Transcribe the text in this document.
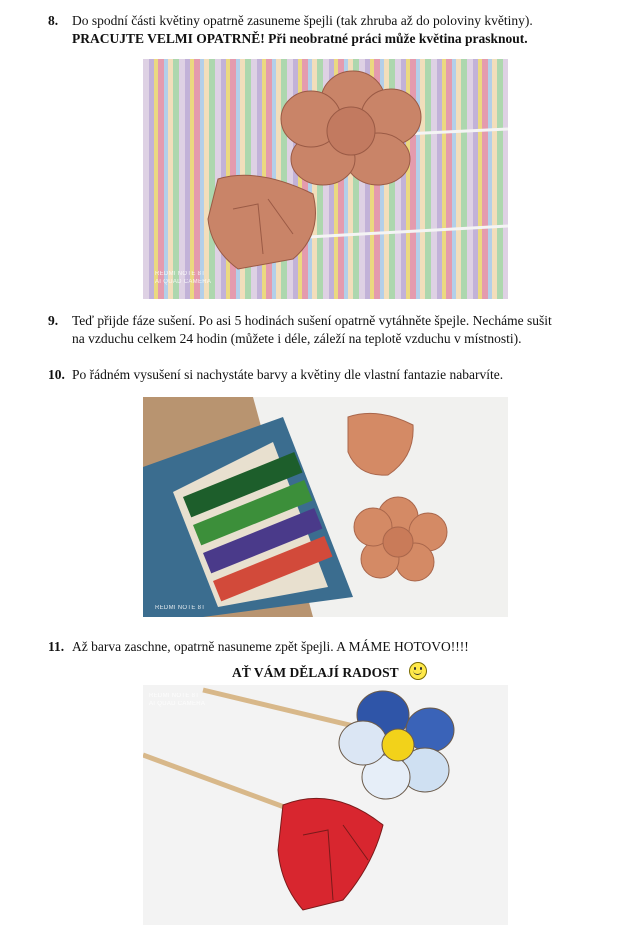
8. Do spodní části květiny opatrně zasuneme špejli (tak zhruba až do poloviny květiny).
PRACUJTE VELMI OPATRNĚ! Při neobratné práci může květina prasknout.
REDMI NOTE 8T
AI QUAD CAMERA
9. Teď přijde fáze sušení. Po asi 5 hodinách sušení opatrně vytáhněte špejle. Necháme sušit
na vzduchu celkem 24 hodin (můžete i déle, záleží na teplotě vzduchu v místnosti).
10. Po řádném vysušení si nachystáte barvy a květiny dle vlastní fantazie nabarvíte.
REDMI NOTE 8T
11. Až barva zaschne, opatrně nasuneme zpět špejli. A MÁME HOTOVO!!!!
AŤ VÁM DĚLAJÍ RADOST
REDMI NOTE 8T
AI QUAD CAMERA
